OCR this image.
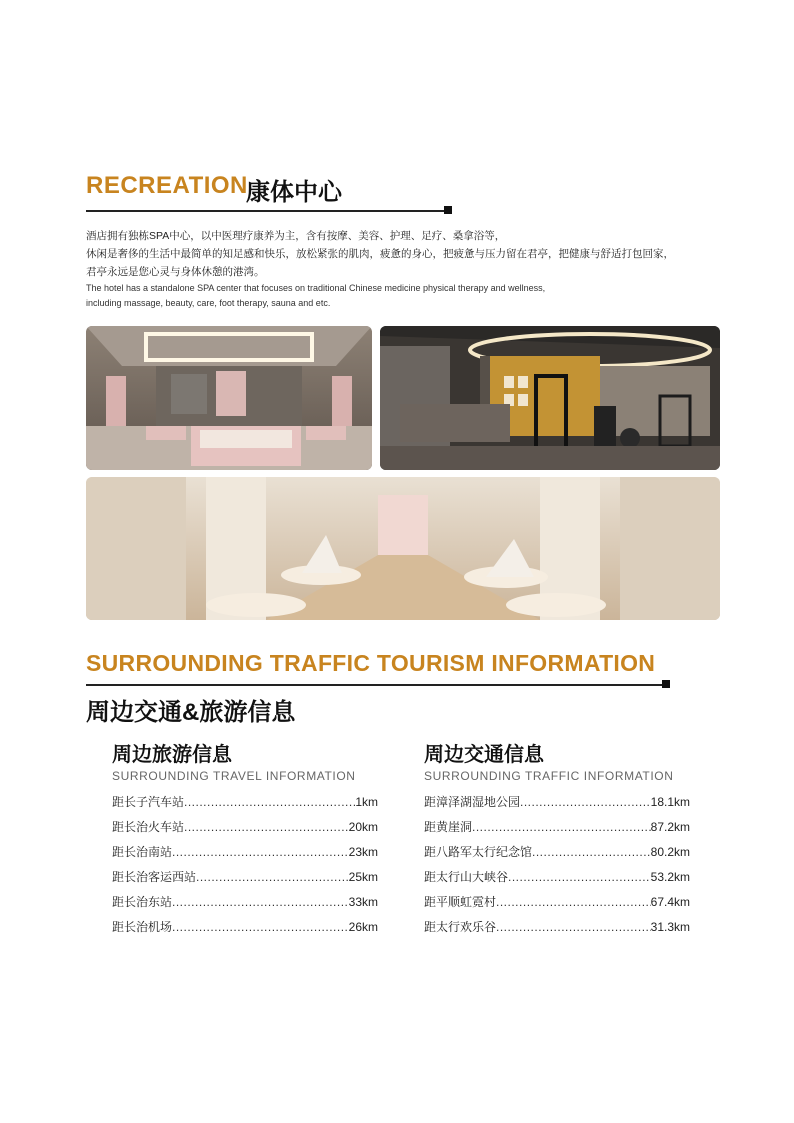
RECREATION
康体中心
酒店拥有独栋SPA中心，以中医理疗康养为主，含有按摩、美容、护理、足疗、桑拿浴等，
休闲是奢侈的生活中最简单的知足感和快乐，放松紧张的肌肉，疲惫的身心，把疲惫与压力留在君亭，把健康与舒适打包回家，
君亭永远是您心灵与身体休憩的港湾。
The hotel has a standalone SPA center that focuses on traditional Chinese medicine physical therapy and wellness,
including massage, beauty, care, foot therapy, sauna and etc.
SURROUNDING TRAFFIC TOURISM INFORMATION
周边交通&旅游信息
周边旅游信息
SURROUNDING TRAVEL INFORMATION
距长子汽车站 .....	1km
距长治火车站 .....	20km
距长治南站 .....	23km
距长治客运西站 .....	25km
距长治东站 .....	33km
距长治机场 .....	26km
周边交通信息
SURROUNDING TRAFFIC INFORMATION
距漳泽湖湿地公园 .....	18.1km
距黄崖洞 .....	87.2km
距八路军太行纪念馆 .....	80.2km
距太行山大峡谷 .....	53.2km
距平顺虹霓村 .....	67.4km
距太行欢乐谷 .....	31.3km
